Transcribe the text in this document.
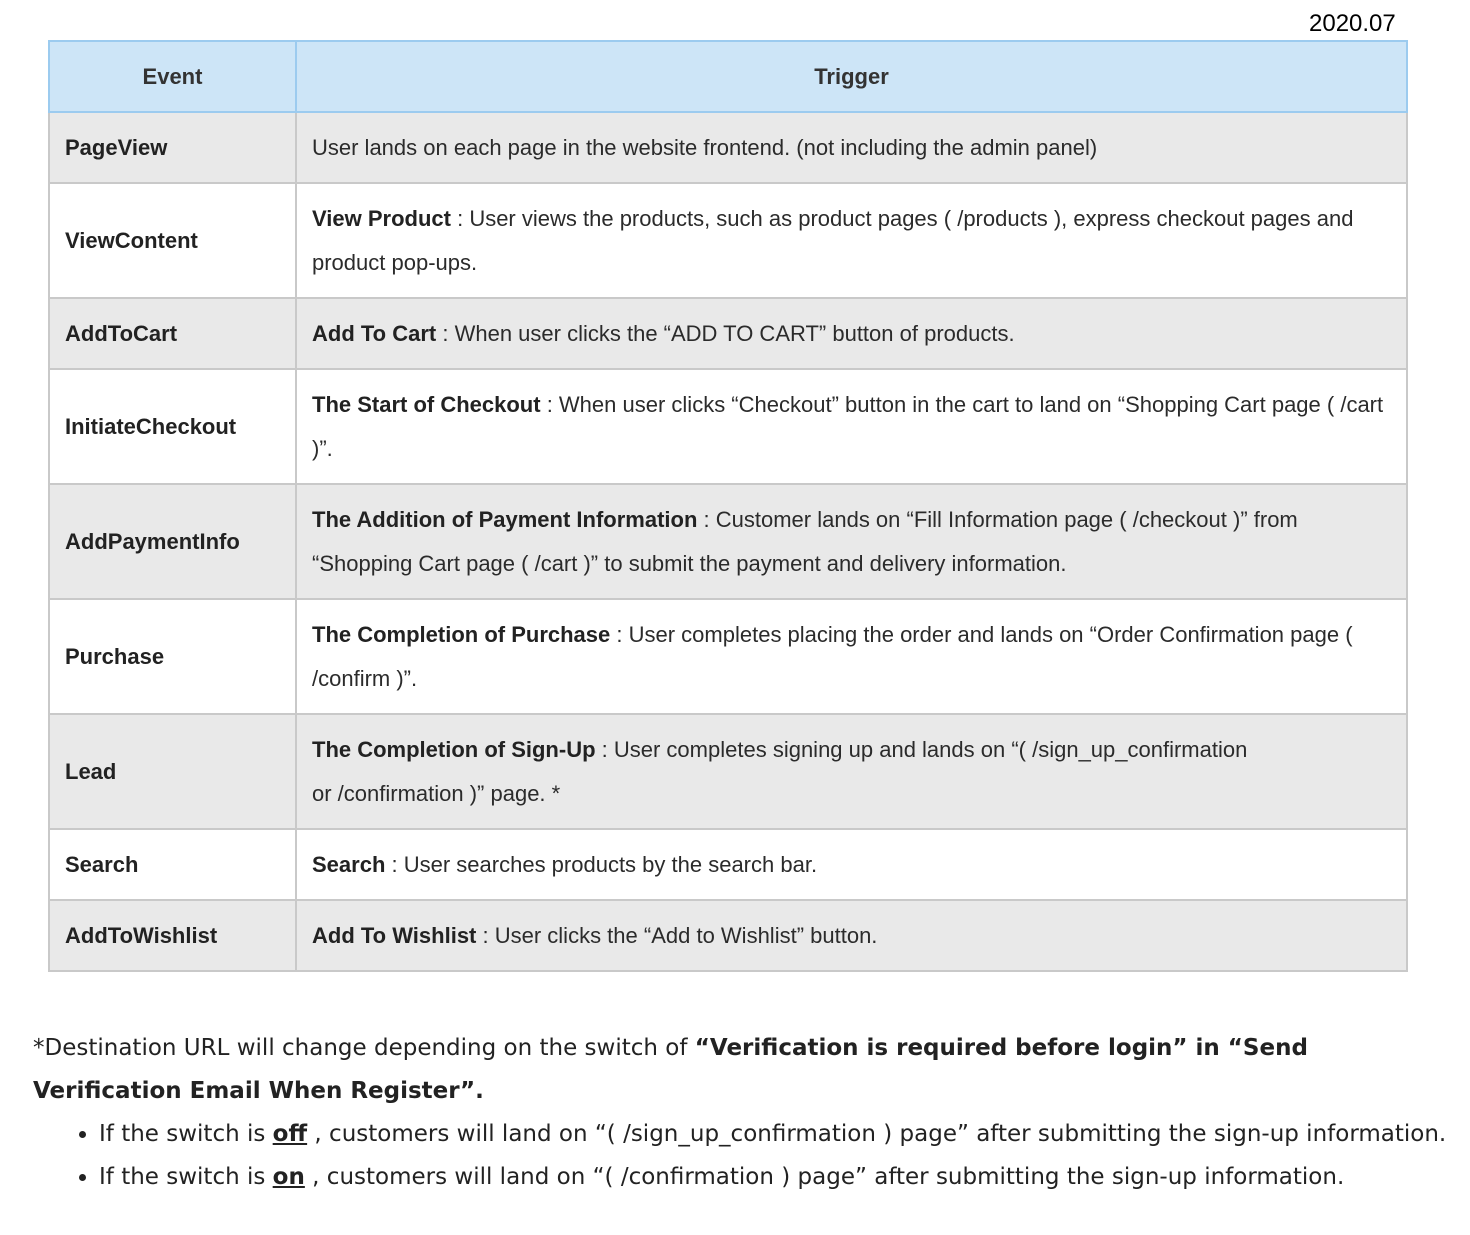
2020.07
Event	Trigger
PageView	User lands on each page in the website frontend. (not including the admin panel)
ViewContent	View Product : User views the products, such as product pages ( /products ), express checkout pages and product pop-ups.
AddToCart	Add To Cart : When user clicks the “ADD TO CART” button of products.
InitiateCheckout	The Start of Checkout : When user clicks “Checkout” button in the cart to land on “Shopping Cart page ( /cart )”.
AddPaymentInfo	The Addition of Payment Information : Customer lands on “Fill Information page ( /checkout )” from “Shopping Cart page ( /cart )” to submit the payment and delivery information.
Purchase	The Completion of Purchase : User completes placing the order and lands on “Order Confirmation page ( /confirm )”.
Lead	The Completion of Sign-Up : User completes signing up and lands on “( /sign_up_confirmation
or /confirmation )” page. *
Search	Search : User searches products by the search bar.
AddToWishlist	Add To Wishlist : User clicks the “Add to Wishlist” button.

*Destination URL will change depending on the switch of “Verification is required before login” in “Send Verification Email When Register”.

• If the switch is off , customers will land on “( /sign_up_confirmation ) page” after submitting the sign-up information.
• If the switch is on , customers will land on “( /confirmation ) page” after submitting the sign-up information.
